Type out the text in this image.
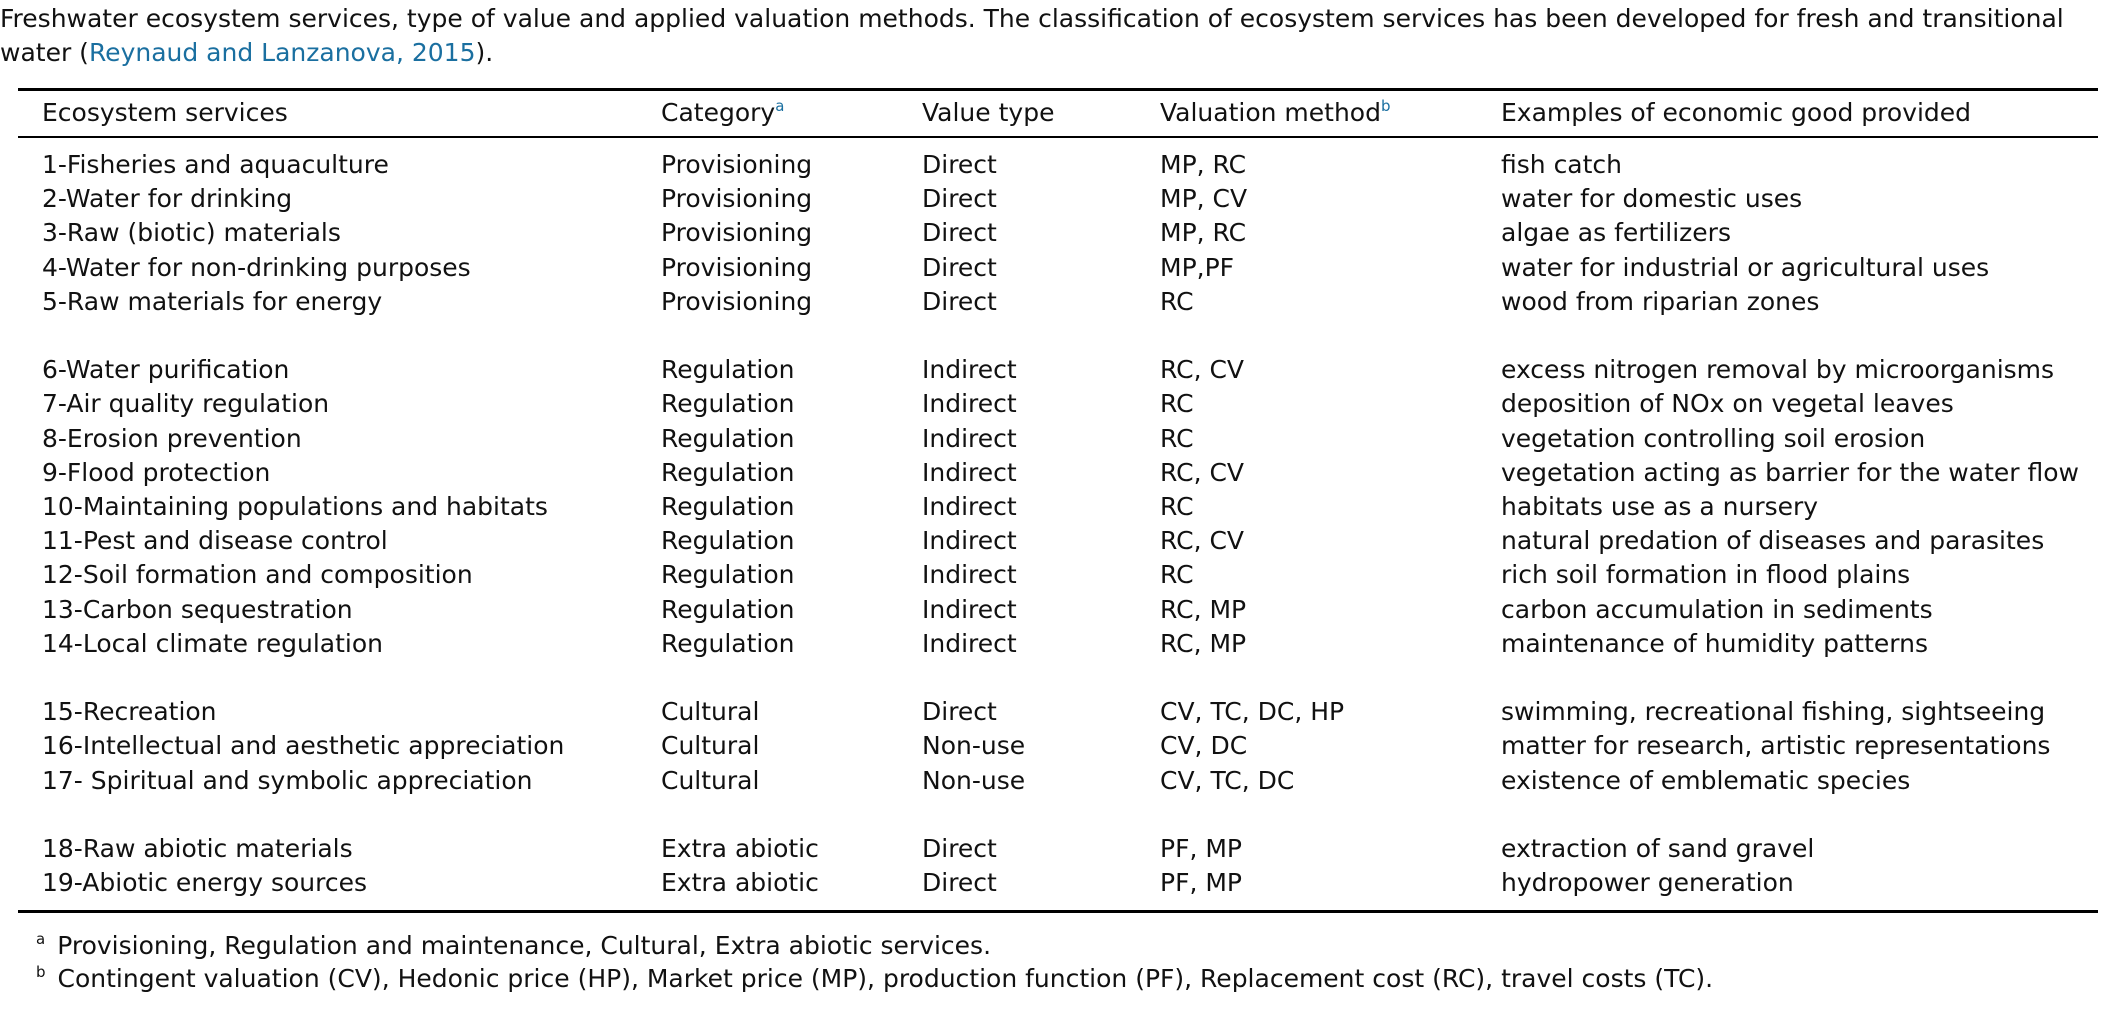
Freshwater ecosystem services, type of value and applied valuation methods. The classification of ecosystem services has been developed for fresh and transitional water (Reynaud and Lanzanova, 2015).
Ecosystem services	Category$^a$	Value type	Valuation method$^b$	Examples of economic good provided
1-Fisheries and aquaculture	Provisioning	Direct	MP, RC	fish catch
2-Water for drinking	Provisioning	Direct	MP, CV	water for domestic uses
3-Raw (biotic) materials	Provisioning	Direct	MP, RC	algae as fertilizers
4-Water for non-drinking purposes	Provisioning	Direct	MP,PF	water for industrial or agricultural uses
5-Raw materials for energy	Provisioning	Direct	RC	wood from riparian zones
6-Water purification	Regulation	Indirect	RC, CV	excess nitrogen removal by microorganisms
7-Air quality regulation	Regulation	Indirect	RC	deposition of NOx on vegetal leaves
8-Erosion prevention	Regulation	Indirect	RC	vegetation controlling soil erosion
9-Flood protection	Regulation	Indirect	RC, CV	vegetation acting as barrier for the water flow
10-Maintaining populations and habitats	Regulation	Indirect	RC	habitats use as a nursery
11-Pest and disease control	Regulation	Indirect	RC, CV	natural predation of diseases and parasites
12-Soil formation and composition	Regulation	Indirect	RC	rich soil formation in flood plains
13-Carbon sequestration	Regulation	Indirect	RC, MP	carbon accumulation in sediments
14-Local climate regulation	Regulation	Indirect	RC, MP	maintenance of humidity patterns
15-Recreation	Cultural	Direct	CV, TC, DC, HP	swimming, recreational fishing, sightseeing
16-Intellectual and aesthetic appreciation	Cultural	Non-use	CV, DC	matter for research, artistic representations
17- Spiritual and symbolic appreciation	Cultural	Non-use	CV, TC, DC	existence of emblematic species
18-Raw abiotic materials	Extra abiotic	Direct	PF, MP	extraction of sand gravel
19-Abiotic energy sources	Extra abiotic	Direct	PF, MP	hydropower generation
$^a$ Provisioning, Regulation and maintenance, Cultural, Extra abiotic services.
$^b$ Contingent valuation (CV), Hedonic price (HP), Market price (MP), production function (PF), Replacement cost (RC), travel costs (TC).
